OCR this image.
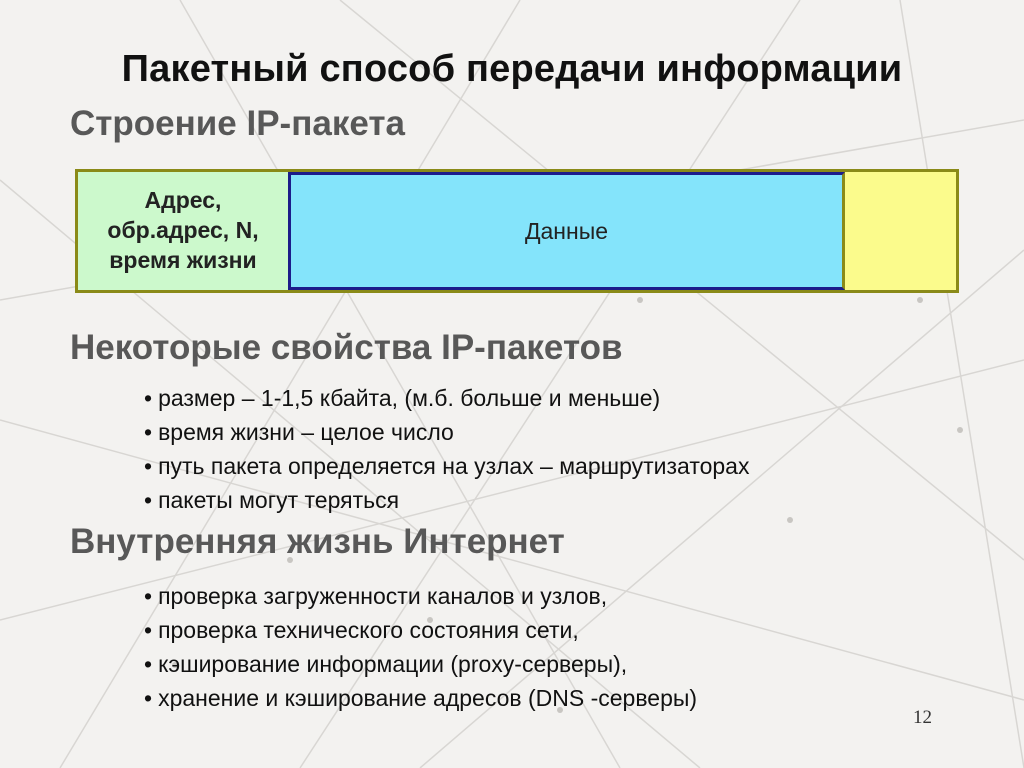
Пакетный способ передачи информации
Строение IP-пакета
Адрес,
обр.адрес, N,
время жизни
Данные
Некоторые свойства IP-пакетов
• размер – 1-1,5 кбайта, (м.б. больше и меньше)
• время жизни – целое число
• путь пакета определяется на узлах – маршрутизаторах
• пакеты могут теряться
Внутренняя жизнь Интернет
• проверка загруженности каналов и узлов,
• проверка технического состояния сети,
• кэширование информации (proxy-серверы),
• хранение и кэширование адресов (DNS -серверы)
12
